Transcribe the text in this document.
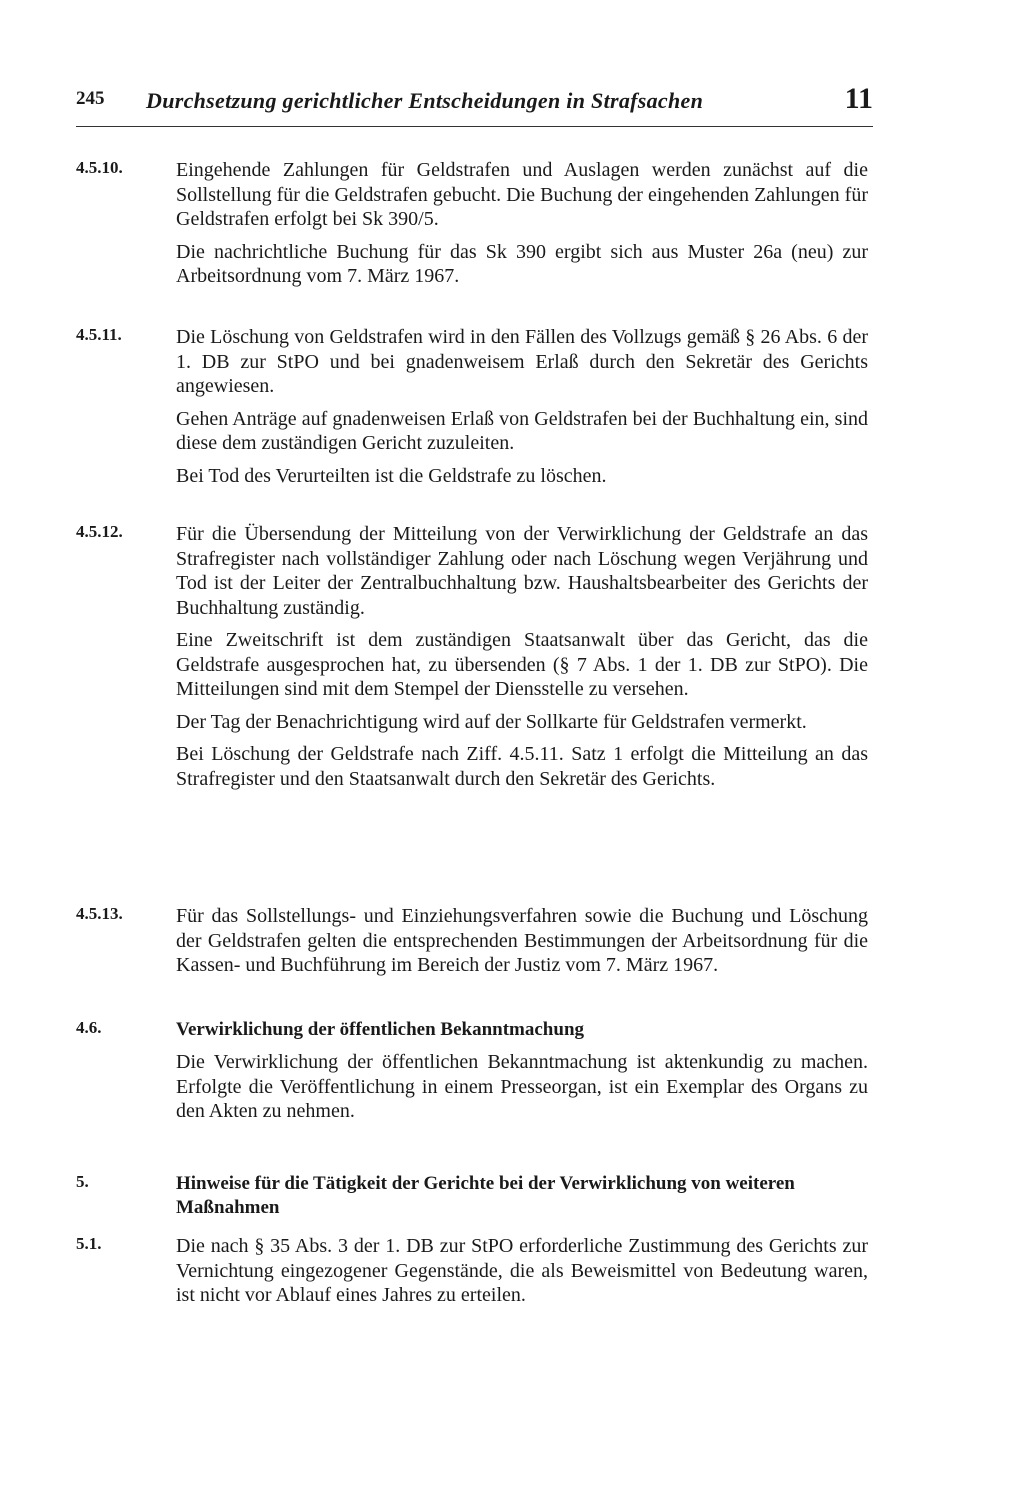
245 Durchsetzung gerichtlicher Entscheidungen in Strafsachen	11
4.5.10.	Eingehende Zahlungen für Geldstrafen und Auslagen werden zunächst auf die Sollstellung für die Geldstrafen gebucht. Die Buchung der eingehenden Zahlungen für Geldstrafen erfolgt bei Sk 390/5.

Die nachrichtliche Buchung für das Sk 390 ergibt sich aus Muster 26a (neu) zur Arbeitsordnung vom 7. März 1967.

4.5.11.	Die Löschung von Geldstrafen wird in den Fällen des Vollzugs gemäß § 26 Abs. 6 der 1. DB zur StPO und bei gnadenweisem Erlaß durch den Sekretär des Gerichts angewiesen.

Gehen Anträge auf gnadenweisen Erlaß von Geldstrafen bei der Buchhaltung ein, sind diese dem zuständigen Gericht zuzuleiten.

Bei Tod des Verurteilten ist die Geldstrafe zu löschen.

4.5.12.	Für die Übersendung der Mitteilung von der Verwirklichung der Geldstrafe an das Strafregister nach vollständiger Zahlung oder nach Löschung wegen Verjährung und Tod ist der Leiter der Zentralbuchhaltung bzw. Haushaltsbearbeiter des Gerichts der Buchhaltung zuständig.

Eine Zweitschrift ist dem zuständigen Staatsanwalt über das Gericht, das die Geldstrafe ausgesprochen hat, zu übersenden (§ 7 Abs. 1 der 1. DB zur StPO). Die Mitteilungen sind mit dem Stempel der Diensstelle zu versehen.

Der Tag der Benachrichtigung wird auf der Sollkarte für Geldstrafen vermerkt.

Bei Löschung der Geldstrafe nach Ziff. 4.5.11. Satz 1 erfolgt die Mitteilung an das Strafregister und den Staatsanwalt durch den Sekretär des Gerichts.

4.5.13.	Für das Sollstellungs- und Einziehungsverfahren sowie die Buchung und Löschung der Geldstrafen gelten die entsprechenden Bestimmungen der Arbeitsordnung für die Kassen- und Buchführung im Bereich der Justiz vom 7. März 1967.

4.6.	Verwirklichung der öffentlichen Bekanntmachung

Die Verwirklichung der öffentlichen Bekanntmachung ist aktenkundig zu machen. Erfolgte die Veröffentlichung in einem Presseorgan, ist ein Exemplar des Organs zu den Akten zu nehmen.

5.	Hinweise für die Tätigkeit der Gerichte bei der Verwirklichung von weiteren Maßnahmen

5.1.	Die nach § 35 Abs. 3 der 1. DB zur StPO erforderliche Zustimmung des Gerichts zur Vernichtung eingezogener Gegenstände, die als Beweismittel von Bedeutung waren, ist nicht vor Ablauf eines Jahres zu erteilen.
